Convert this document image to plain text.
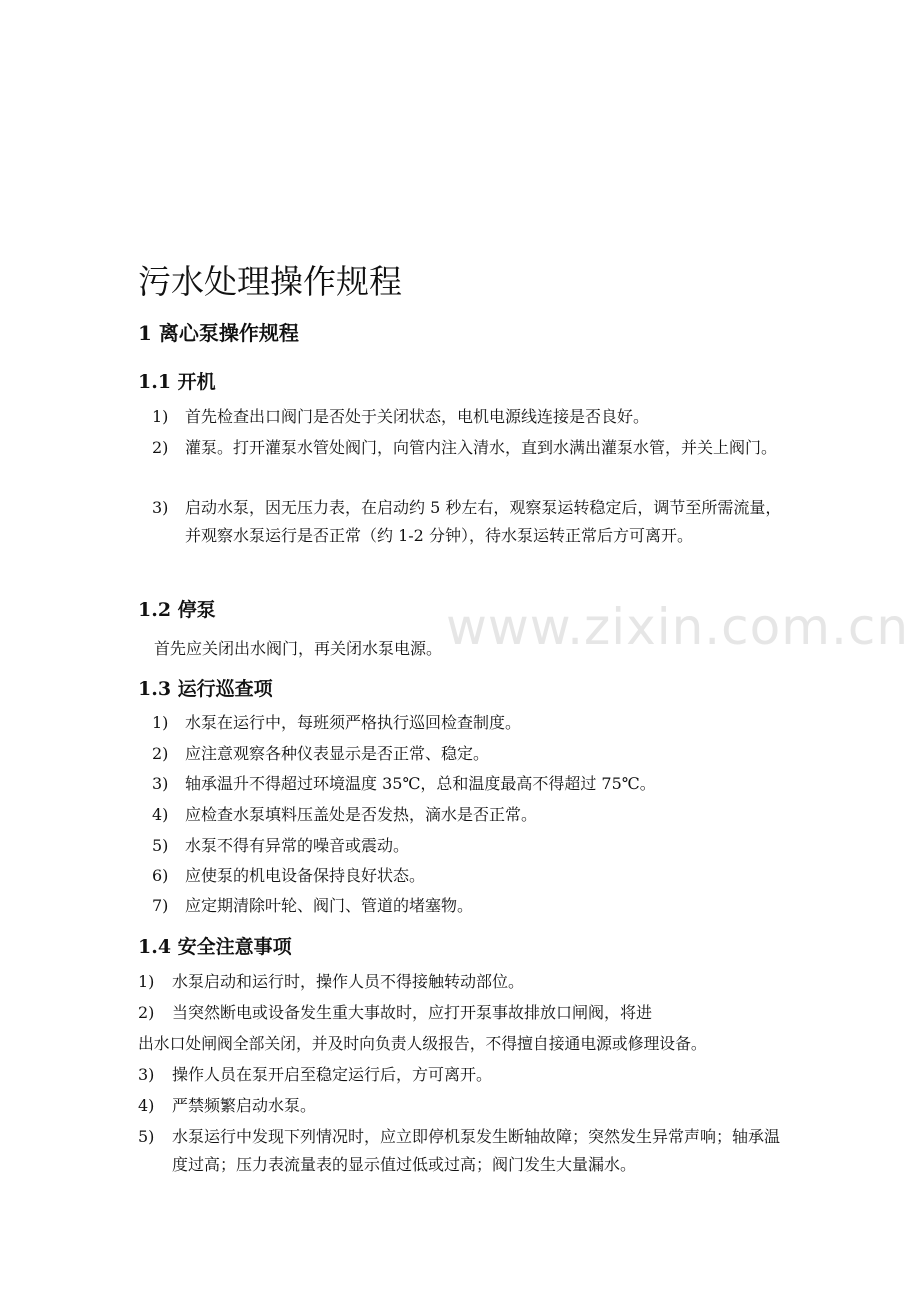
www.zixin.com.cn
污水处理操作规程
1 离心泵操作规程
1.1 开机
1) 首先检查出口阀门是否处于关闭状态，电机电源线连接是否良好。
2) 灌泵。打开灌泵水管处阀门，向管内注入清水，直到水满出灌泵水管，并关上阀门。
3) 启动水泵，因无压力表，在启动约 5 秒左右，观察泵运转稳定后，调节至所需流量，并观察水泵运行是否正常（约 1-2 分钟），待水泵运转正常后方可离开。
1.2 停泵
首先应关闭出水阀门，再关闭水泵电源。
1.3 运行巡查项
1) 水泵在运行中，每班须严格执行巡回检查制度。
2) 应注意观察各种仪表显示是否正常、稳定。
3) 轴承温升不得超过环境温度 35℃，总和温度最高不得超过 75℃。
4) 应检查水泵填料压盖处是否发热，滴水是否正常。
5) 水泵不得有异常的噪音或震动。
6) 应使泵的机电设备保持良好状态。
7) 应定期清除叶轮、阀门、管道的堵塞物。
1.4 安全注意事项
1) 水泵启动和运行时，操作人员不得接触转动部位。
2) 当突然断电或设备发生重大事故时，应打开泵事故排放口闸阀，将进
出水口处闸阀全部关闭，并及时向负责人级报告，不得擅自接通电源或修理设备。
3) 操作人员在泵开启至稳定运行后，方可离开。
4) 严禁频繁启动水泵。
5) 水泵运行中发现下列情况时，应立即停机泵发生断轴故障；突然发生异常声响；轴承温度过高；压力表流量表的显示值过低或过高；阀门发生大量漏水。
